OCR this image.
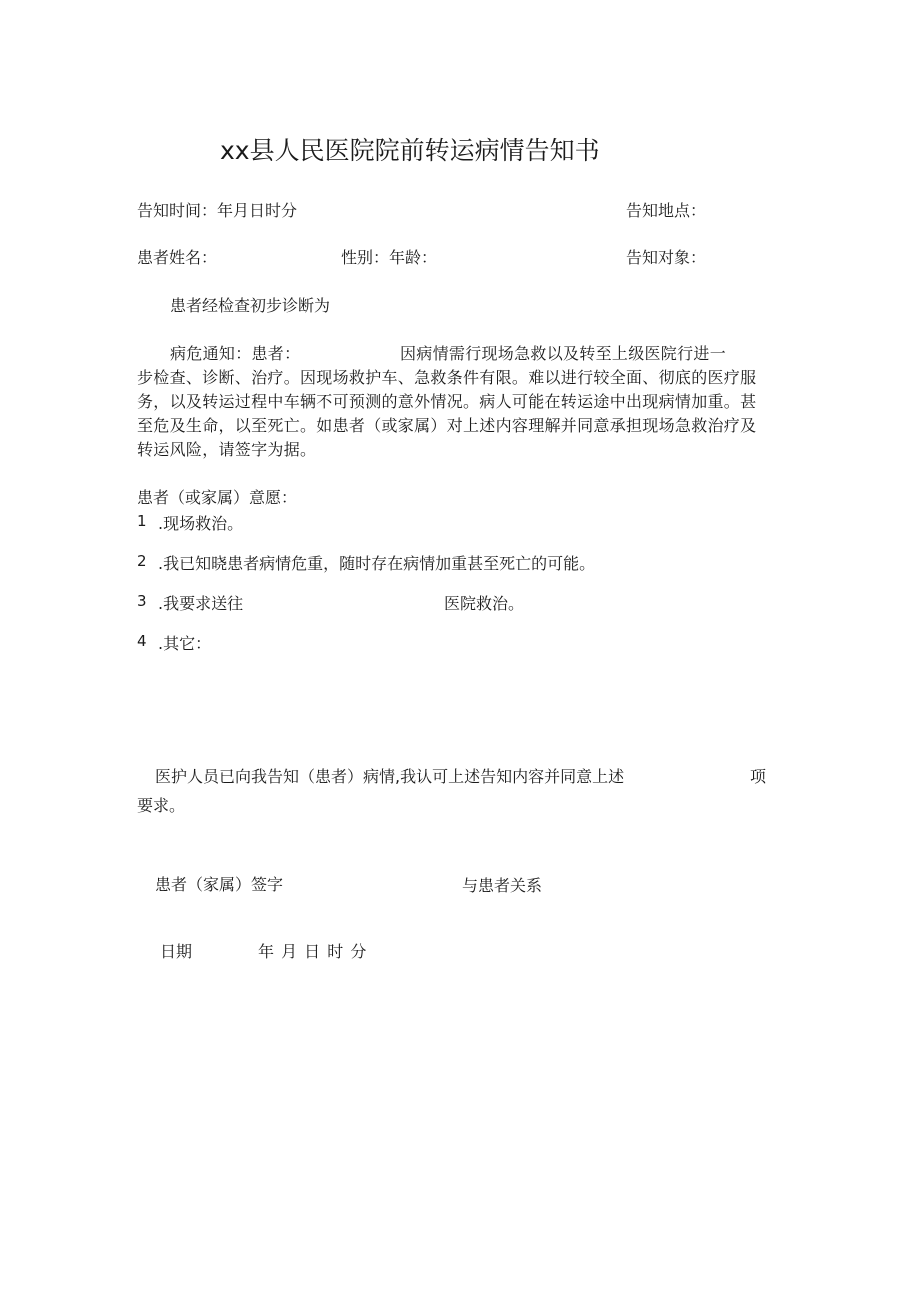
xx县人民医院院前转运病情告知书
告知时间：年月日时分	告知地点：
患者姓名：	性别：年龄：	告知对象：
患者经检查初步诊断为
病危通知：患者：	因病情需行现场急救以及转至上级医院行进一
步检查、诊断、治疗。因现场救护车、急救条件有限。难以进行较全面、彻底的医疗服
务，以及转运过程中车辆不可预测的意外情况。病人可能在转运途中出现病情加重。甚
至危及生命，以至死亡。如患者（或家属）对上述内容理解并同意承担现场急救治疗及
转运风险，请签字为据。
患者（或家属）意愿：
1 .现场救治。
2 .我已知晓患者病情危重，随时存在病情加重甚至死亡的可能。
3 .我要求送往	医院救治。
4 .其它：
医护人员已向我告知（患者）病情,我认可上述告知内容并同意上述	项
要求。
患者（家属）签字	与患者关系
日期	年 月 日 时 分
